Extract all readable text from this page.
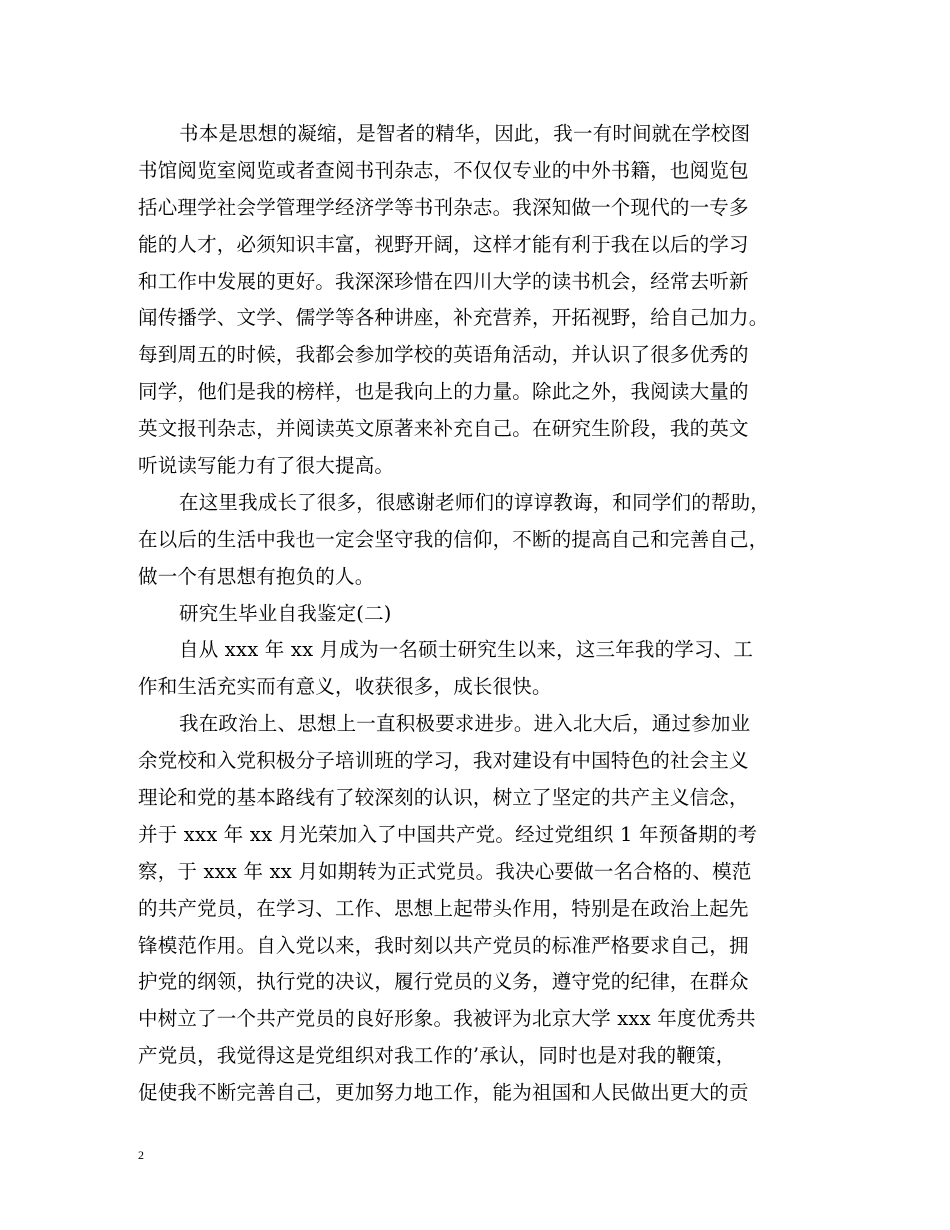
书本是思想的凝缩，是智者的精华，因此，我一有时间就在学校图
书馆阅览室阅览或者查阅书刊杂志，不仅仅专业的中外书籍，也阅览包
括心理学社会学管理学经济学等书刊杂志。我深知做一个现代的一专多
能的人才，必须知识丰富，视野开阔，这样才能有利于我在以后的学习
和工作中发展的更好。我深深珍惜在四川大学的读书机会，经常去听新
闻传播学、文学、儒学等各种讲座，补充营养，开拓视野，给自己加力。
每到周五的时候，我都会参加学校的英语角活动，并认识了很多优秀的
同学，他们是我的榜样，也是我向上的力量。除此之外，我阅读大量的
英文报刊杂志，并阅读英文原著来补充自己。在研究生阶段，我的英文
听说读写能力有了很大提高。
在这里我成长了很多，很感谢老师们的谆谆教诲，和同学们的帮助，
在以后的生活中我也一定会坚守我的信仰，不断的提高自己和完善自己，
做一个有思想有抱负的人。
研究生毕业自我鉴定(二)
自从 xxx 年 xx 月成为一名硕士研究生以来，这三年我的学习、工
作和生活充实而有意义，收获很多，成长很快。
我在政治上、思想上一直积极要求进步。进入北大后，通过参加业
余党校和入党积极分子培训班的学习，我对建设有中国特色的社会主义
理论和党的基本路线有了较深刻的认识，树立了坚定的共产主义信念，
并于 xxx 年 xx 月光荣加入了中国共产党。经过党组织 1 年预备期的考
察，于 xxx 年 xx 月如期转为正式党员。我决心要做一名合格的、模范
的共产党员，在学习、工作、思想上起带头作用，特别是在政治上起先
锋模范作用。自入党以来，我时刻以共产党员的标准严格要求自己，拥
护党的纲领，执行党的决议，履行党员的义务，遵守党的纪律，在群众
中树立了一个共产党员的良好形象。我被评为北京大学 xxx 年度优秀共
产党员，我觉得这是党组织对我工作的’承认，同时也是对我的鞭策，
促使我不断完善自己，更加努力地工作，能为祖国和人民做出更大的贡
2
